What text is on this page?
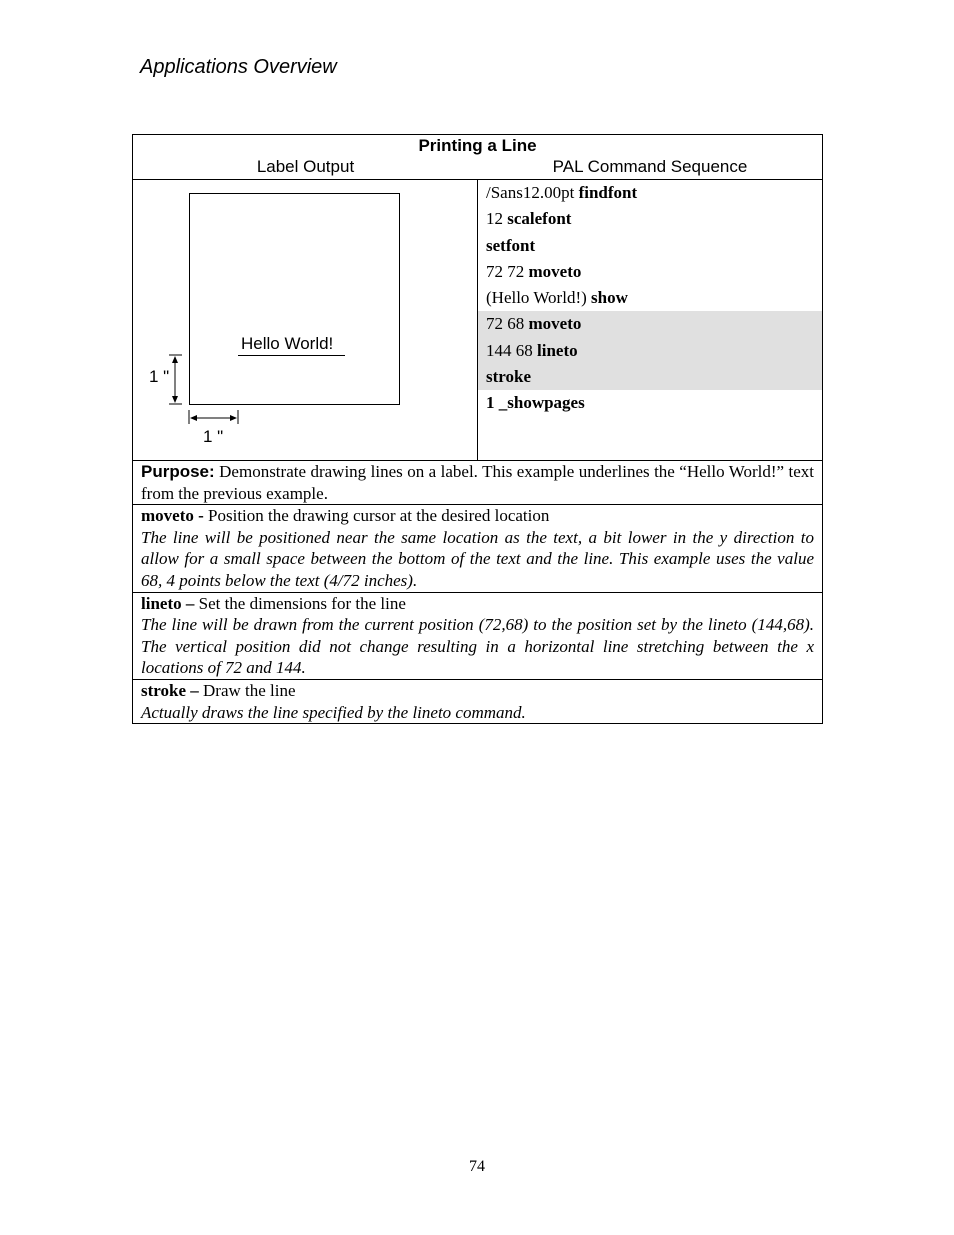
Applications Overview
Printing a Line
Label Output	PAL Command Sequence

Hello World!
1 "
1 "

/Sans12.00pt findfont
12 scalefont
setfont
72 72 moveto
(Hello World!) show
72 68 moveto
144 68 lineto
stroke
1 _showpages

Purpose: Demonstrate drawing lines on a label. This example underlines the “Hello World!” text from the previous example.

moveto - Position the drawing cursor at the desired location
The line will be positioned near the same location as the text, a bit lower in the y direction to allow for a small space between the bottom of the text and the line. This example uses the value 68, 4 points below the text (4/72 inches).

lineto – Set the dimensions for the line
The line will be drawn from the current position (72,68) to the position set by the lineto (144,68). The vertical position did not change resulting in a horizontal line stretching between the x locations of 72 and 144.

stroke – Draw the line
Actually draws the line specified by the lineto command.
74
